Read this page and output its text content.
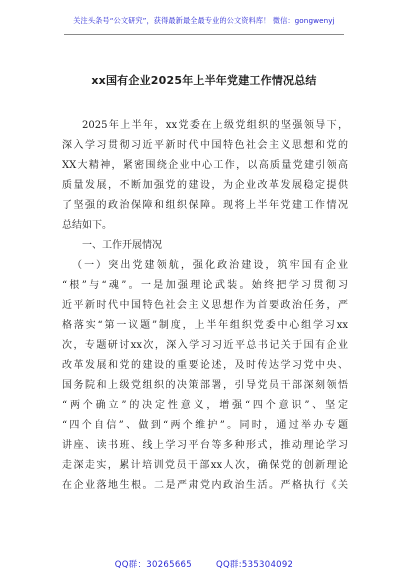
关注头条号“公文研究”，获得最新最全最专业的公文资料库！ 微信：gongwenyj
xx国有企业2025年上半年党建工作情况总结
2025年上半年，xx党委在上级党组织的坚强领导下，
深入学习贯彻习近平新时代中国特色社会主义思想和党的
XX大精神，紧密围绕企业中心工作，以高质量党建引领高
质量发展，不断加强党的建设，为企业改革发展稳定提供
了坚强的政治保障和组织保障。现将上半年党建工作情况
总结如下。
一、工作开展情况
（一）突出党建领航，强化政治建设，筑牢国有企业
“根”与“魂”。一是加强理论武装。始终把学习贯彻习
近平新时代中国特色社会主义思想作为首要政治任务，严
格落实“第一议题”制度，上半年组织党委中心组学习xx
次，专题研讨xx次，深入学习习近平总书记关于国有企业
改革发展和党的建设的重要论述，及时传达学习党中央、
国务院和上级党组织的决策部署，引导党员干部深刻领悟
“两个确立”的决定性意义，增强“四个意识”、坚定
“四个自信”、做到“两个维护”。同时，通过举办专题
讲座、读书班、线上学习平台等多种形式，推动理论学习
走深走实，累计培训党员干部xx人次，确保党的创新理论
在企业落地生根。二是严肃党内政治生活。严格执行《关
QQ群：30265665	QQ群:535304092
